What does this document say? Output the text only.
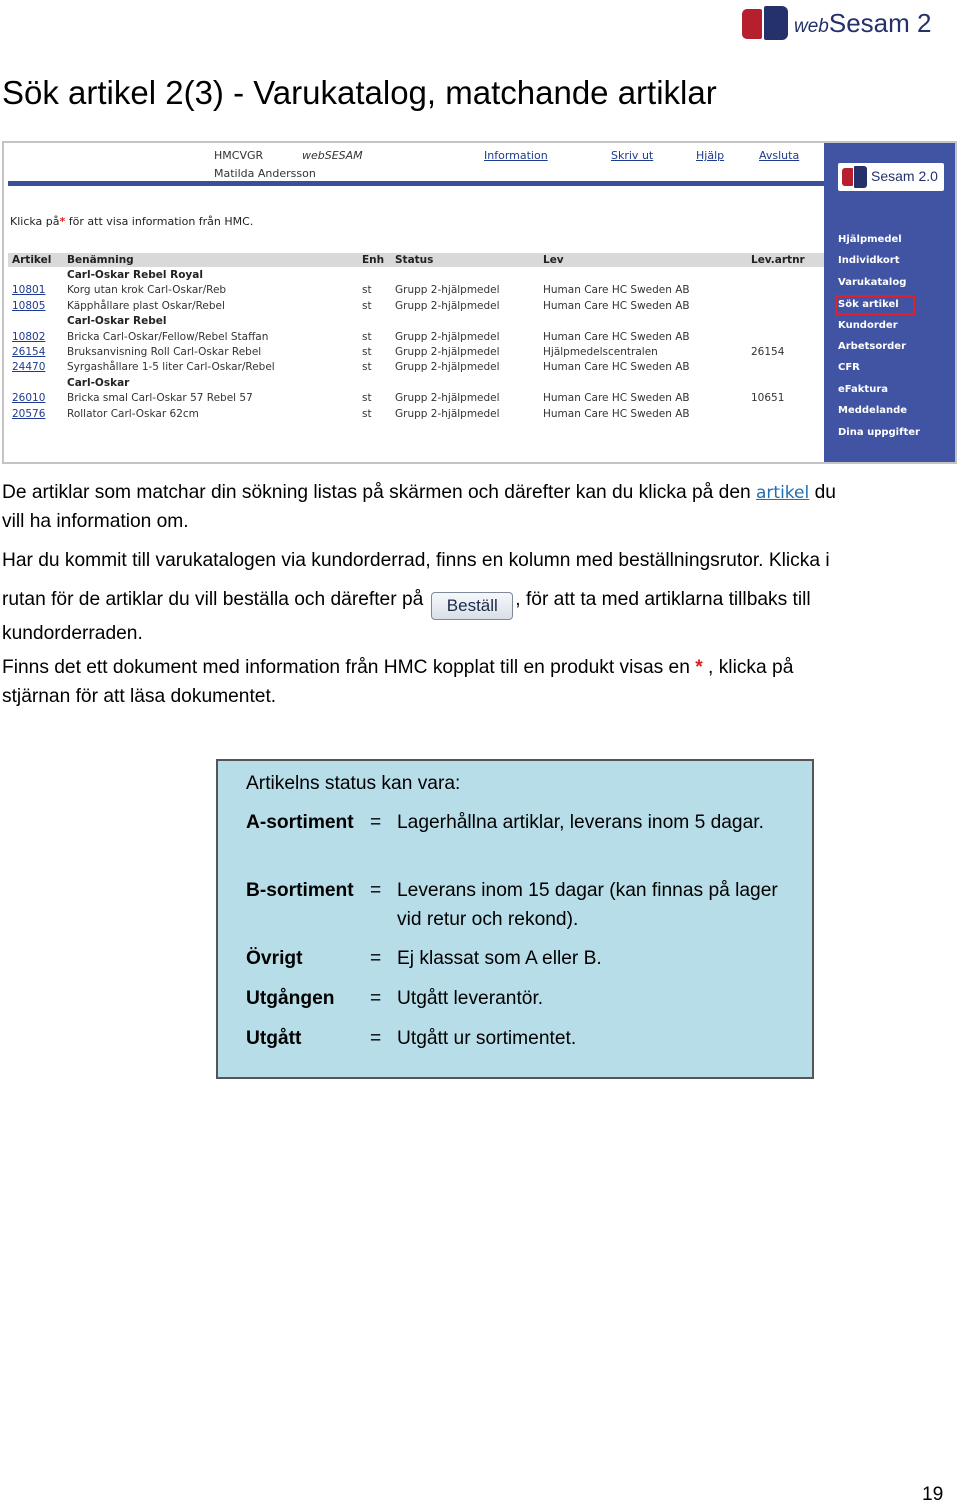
webSesam 2
Sök artikel 2(3) - Varukatalog, matchande artiklar
HMCVGR	webSESAM
Matilda Andersson
Information	Skriv ut	Hjälp	Avsluta
Klicka på* för att visa information från HMC.
Artikel Benämning	Enh Status	Lev	Lev.artnr
Carl-Oskar Rebel Royal
10801 Korg utan krok Carl-Oskar/Reb	st Grupp 2-hjälpmedel	Human Care HC Sweden AB
10805 Käpphållare plast Oskar/Rebel	st Grupp 2-hjälpmedel	Human Care HC Sweden AB
Carl-Oskar Rebel
10802 Bricka Carl-Oskar/Fellow/Rebel Staffan	st Grupp 2-hjälpmedel	Human Care HC Sweden AB
26154 Bruksanvisning Roll Carl-Oskar Rebel	st Grupp 2-hjälpmedel	Hjälpmedelscentralen	26154
24470 Syrgashållare 1-5 liter Carl-Oskar/Rebel	st Grupp 2-hjälpmedel	Human Care HC Sweden AB
Carl-Oskar
26010 Bricka smal Carl-Oskar 57 Rebel 57	st Grupp 2-hjälpmedel	Human Care HC Sweden AB	10651
20576 Rollator Carl-Oskar 62cm	st Grupp 2-hjälpmedel	Human Care HC Sweden AB
Sesam 2.0
Hjälpmedel
Individkort
Varukatalog
Sök artikel
Kundorder
Arbetsorder
CFR
eFaktura
Meddelande
Dina uppgifter
De artiklar som matchar din sökning listas på skärmen och därefter kan du klicka på den artikel du
vill ha information om.
Har du kommit till varukatalogen via kundorderrad, finns en kolumn med beställningsrutor. Klicka i
rutan för de artiklar du vill beställa och därefter på Beställ , för att ta med artiklarna tillbaks till
kundorderraden.
Finns det ett dokument med information från HMC kopplat till en produkt visas en * , klicka på
stjärnan för att läsa dokumentet.
Artikelns status kan vara:
A-sortiment = Lagerhållna artiklar, leverans inom 5 dagar.
B-sortiment = Leverans inom 15 dagar (kan finnas på lager vid retur och rekond).
Övrigt	= Ej klassat som A eller B.
Utgången = Utgått leverantör.
Utgått	= Utgått ur sortimentet.
19
